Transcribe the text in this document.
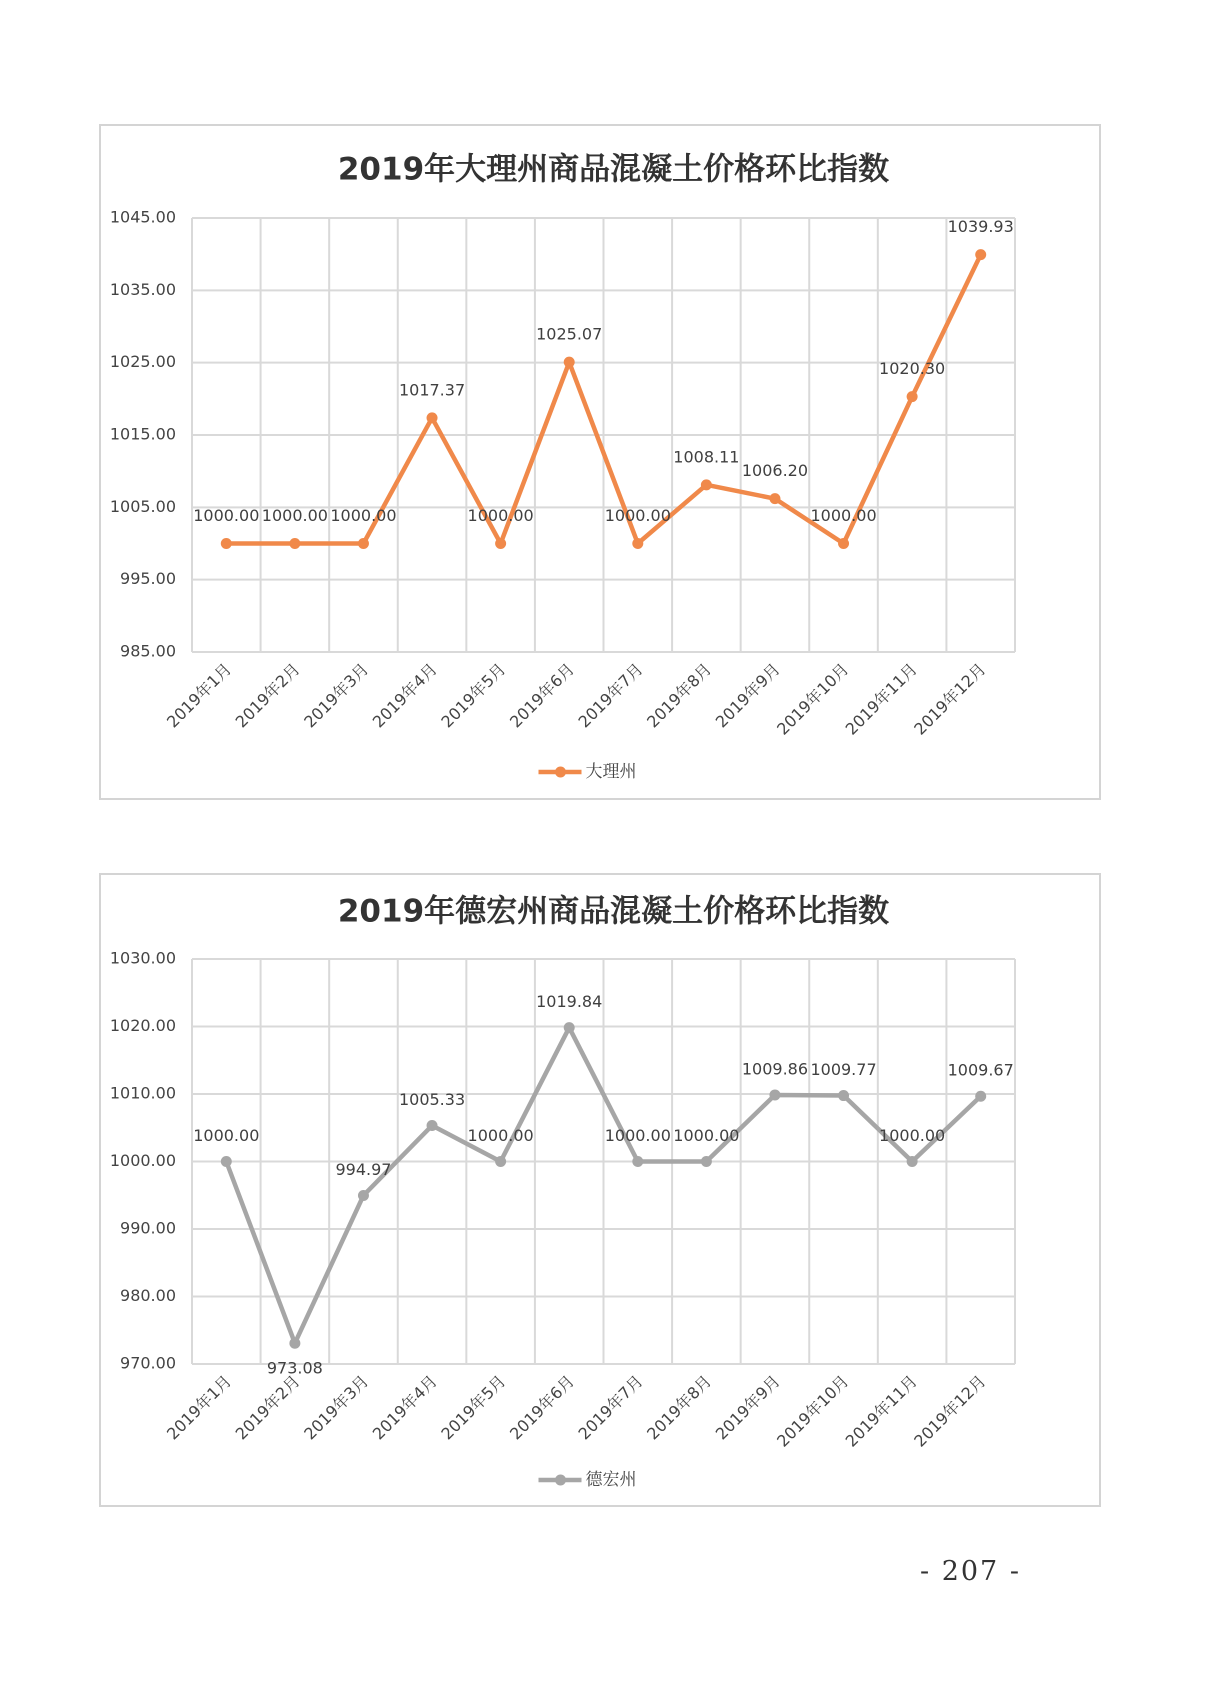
2019年大理州商品混凝土价格环比指数
985.00
995.00
1005.00
1015.00
1025.00
1035.00
1045.00
2019年1月
2019年2月
2019年3月
2019年4月
2019年5月
2019年6月
2019年7月
2019年8月
2019年9月
2019年10月
2019年11月
2019年12月
1000.00 1000.00 1000.00
1017.37
1000.00
1025.07
1000.00
1008.11
1006.20
1000.00
1020.30
1039.93
大理州
2019年德宏州商品混凝土价格环比指数
970.00
980.00
990.00
1000.00
1010.00
1020.00
1030.00
2019年1月
2019年2月
2019年3月
2019年4月
2019年5月
2019年6月
2019年7月
2019年8月
2019年9月
2019年10月
2019年11月
2019年12月
1000.00
973.08
994.97
1005.33
1000.00
1019.84
1000.00 1000.00
1009.86 1009.77
1000.00
1009.67
德宏州
- 207 -
